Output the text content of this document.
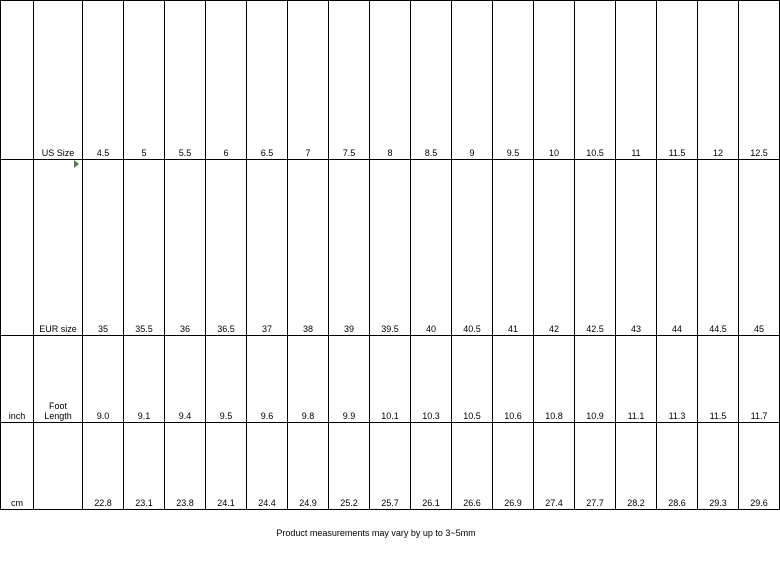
	US Size	4.5	5	5.5	6	6.5	7	7.5	8	8.5	9	9.5	10	10.5	11	11.5	12	12.5
	EUR size	35	35.5	36	36.5	37	38	39	39.5	40	40.5	41	42	42.5	43	44	44.5	45
inch	Foot Length	9.0	9.1	9.4	9.5	9.6	9.8	9.9	10.1	10.3	10.5	10.6	10.8	10.9	11.1	11.3	11.5	11.7
cm		22.8	23.1	23.8	24.1	24.4	24.9	25.2	25.7	26.1	26.6	26.9	27.4	27.7	28.2	28.6	29.3	29.6
Product measurements may vary by up to 3~5mm
